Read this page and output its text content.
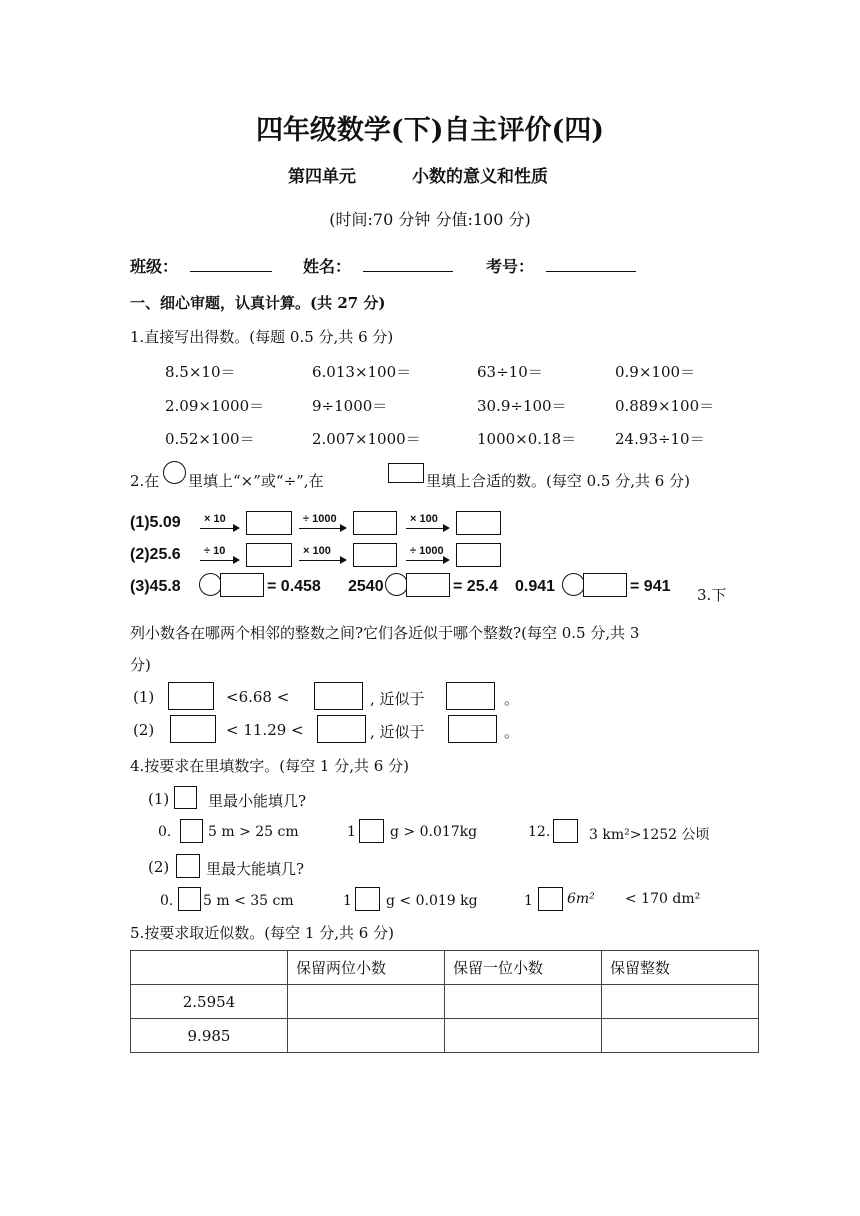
四年级数学(下)自主评价(四)
第四单元	小数的意义和性质
(时间:70 分钟 分值:100 分)
班级：	姓名：	考号：
一、细心审题，认真计算。(共 27 分)
1.直接写出得数。(每题 0.5 分,共 6 分)
8.5×10＝	6.013×100＝	63÷10＝	0.9×100＝
2.09×1000＝	9÷1000＝	30.9÷100＝	0.889×100＝
0.52×100＝	2.007×1000＝	1000×0.18＝	24.93÷10＝
2.在 里填上“×”或“÷”,在	里填上合适的数。(每空 0.5 分,共 6 分)
(1)5.09 × 10	÷ 1000	× 100
(2)25.6 ÷ 10	× 100	÷ 1000
(3)45.8	= 0.458 2540	= 25.4 0.941	= 941 3.下
列小数各在哪两个相邻的整数之间?它们各近似于哪个整数?(每空 0.5 分,共 3
分)
(1)	<6.68 <	, 近似于	。
(2)	< 11.29 <	, 近似于	。
4.按要求在里填数字。(每空 1 分,共 6 分)
(1)	里最小能填几?
0.	5 m > 25 cm	1 g > 0.017kg	12.	3 km²>1252 公顷
(2) 里最大能填几?
0. 5 m < 35 cm	1 g < 0.019 kg	1 6m² < 170 dm²
5.按要求取近似数。(每空 1 分,共 6 分)
	保留两位小数	保留一位小数	保留整数
2.5954			
9.985			
